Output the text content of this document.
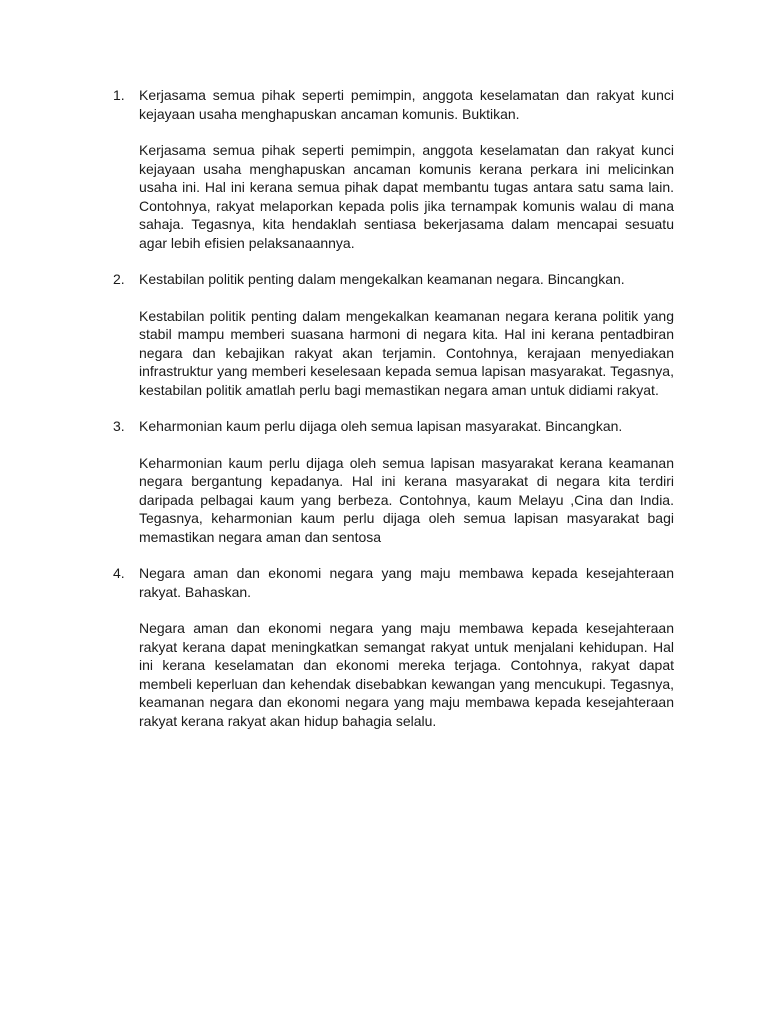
1.	Kerjasama semua pihak seperti pemimpin, anggota keselamatan dan rakyat kunci kejayaan usaha menghapuskan ancaman komunis. Buktikan.

Kerjasama semua pihak seperti pemimpin, anggota keselamatan dan rakyat kunci kejayaan usaha menghapuskan ancaman komunis kerana perkara ini melicinkan usaha ini. Hal ini kerana semua pihak dapat membantu tugas antara satu sama lain. Contohnya, rakyat melaporkan kepada polis jika ternampak komunis walau di mana sahaja. Tegasnya, kita hendaklah sentiasa bekerjasama dalam mencapai sesuatu agar lebih efisien pelaksanaannya.

2.	Kestabilan politik penting dalam mengekalkan keamanan negara. Bincangkan.

Kestabilan politik penting dalam mengekalkan keamanan negara kerana politik yang stabil mampu memberi suasana harmoni di negara kita. Hal ini kerana pentadbiran negara dan kebajikan rakyat akan terjamin. Contohnya, kerajaan menyediakan infrastruktur yang memberi keselesaan kepada semua lapisan masyarakat. Tegasnya, kestabilan politik amatlah perlu bagi memastikan negara aman untuk didiami rakyat.

3.	Keharmonian kaum perlu dijaga oleh semua lapisan masyarakat. Bincangkan.

Keharmonian kaum perlu dijaga oleh semua lapisan masyarakat kerana keamanan negara bergantung kepadanya. Hal ini kerana masyarakat di negara kita terdiri daripada pelbagai kaum yang berbeza. Contohnya, kaum Melayu ,Cina dan India. Tegasnya, keharmonian kaum perlu dijaga oleh semua lapisan masyarakat bagi memastikan negara aman dan sentosa

4.	Negara aman dan ekonomi negara yang maju membawa kepada kesejahteraan rakyat. Bahaskan.

Negara aman dan ekonomi negara yang maju membawa kepada kesejahteraan rakyat kerana dapat meningkatkan semangat rakyat untuk menjalani kehidupan. Hal ini kerana keselamatan dan ekonomi mereka terjaga. Contohnya, rakyat dapat membeli keperluan dan kehendak disebabkan kewangan yang mencukupi. Tegasnya, keamanan negara dan ekonomi negara yang maju membawa kepada kesejahteraan rakyat kerana rakyat akan hidup bahagia selalu.
